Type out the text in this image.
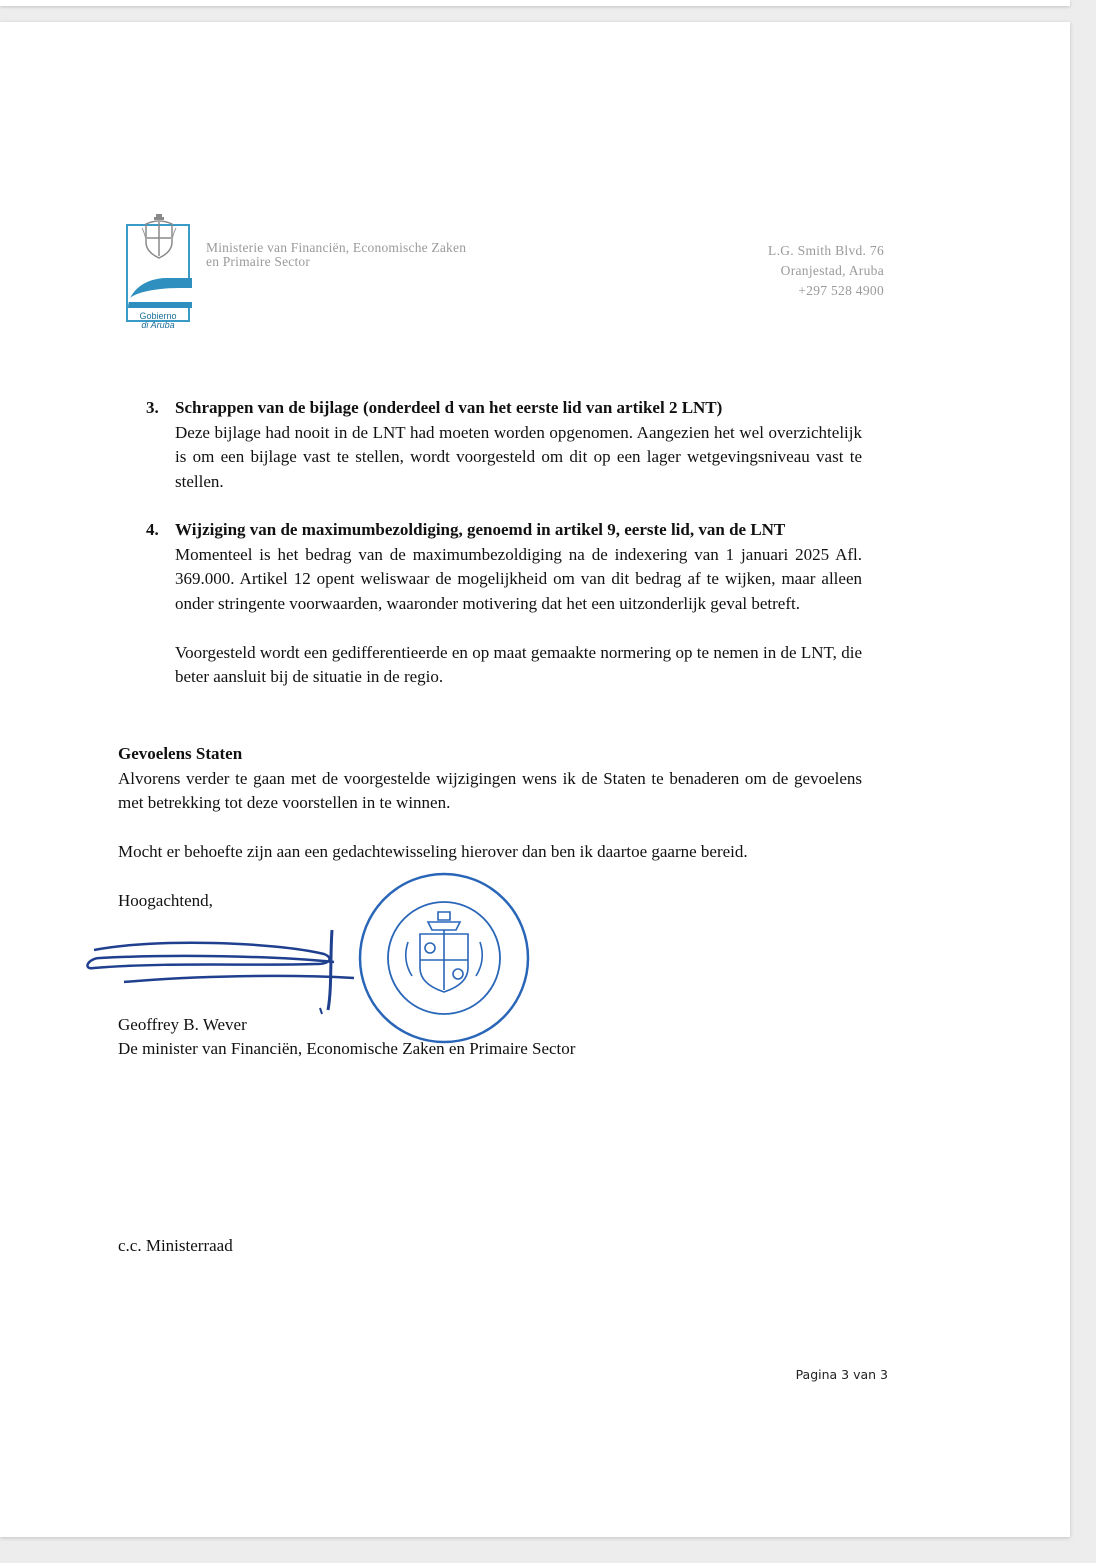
Gobierno
di Aruba
Ministerie van Financiën, Economische Zaken
en Primaire Sector
L.G. Smith Blvd. 76
Oranjestad, Aruba
+297 528 4900
3. Schrappen van de bijlage (onderdeel d van het eerste lid van artikel 2 LNT)

Deze bijlage had nooit in de LNT had moeten worden opgenomen. Aangezien het wel overzichtelijk is om een bijlage vast te stellen, wordt voorgesteld om dit op een lager wetgevingsniveau vast te stellen.

4. Wijziging van de maximumbezoldiging, genoemd in artikel 9, eerste lid, van de LNT

Momenteel is het bedrag van de maximumbezoldiging na de indexering van 1 januari 2025 Afl. 369.000. Artikel 12 opent weliswaar de mogelijkheid om van dit bedrag af te wijken, maar alleen onder stringente voorwaarden, waaronder motivering dat het een uitzonderlijk geval betreft.

Voorgesteld wordt een gedifferentieerde en op maat gemaakte normering op te nemen in de LNT, die beter aansluit bij de situatie in de regio.

Gevoelens Staten

Alvorens verder te gaan met de voorgestelde wijzigingen wens ik de Staten te benaderen om de gevoelens met betrekking tot deze voorstellen in te winnen.

Mocht er behoefte zijn aan een gedachtewisseling hierover dan ben ik daartoe gaarne bereid.

Hoogachtend,
Geoffrey B. Wever
De minister van Financiën, Economische Zaken en Primaire Sector
c.c. Ministerraad
Pagina 3 van 3
